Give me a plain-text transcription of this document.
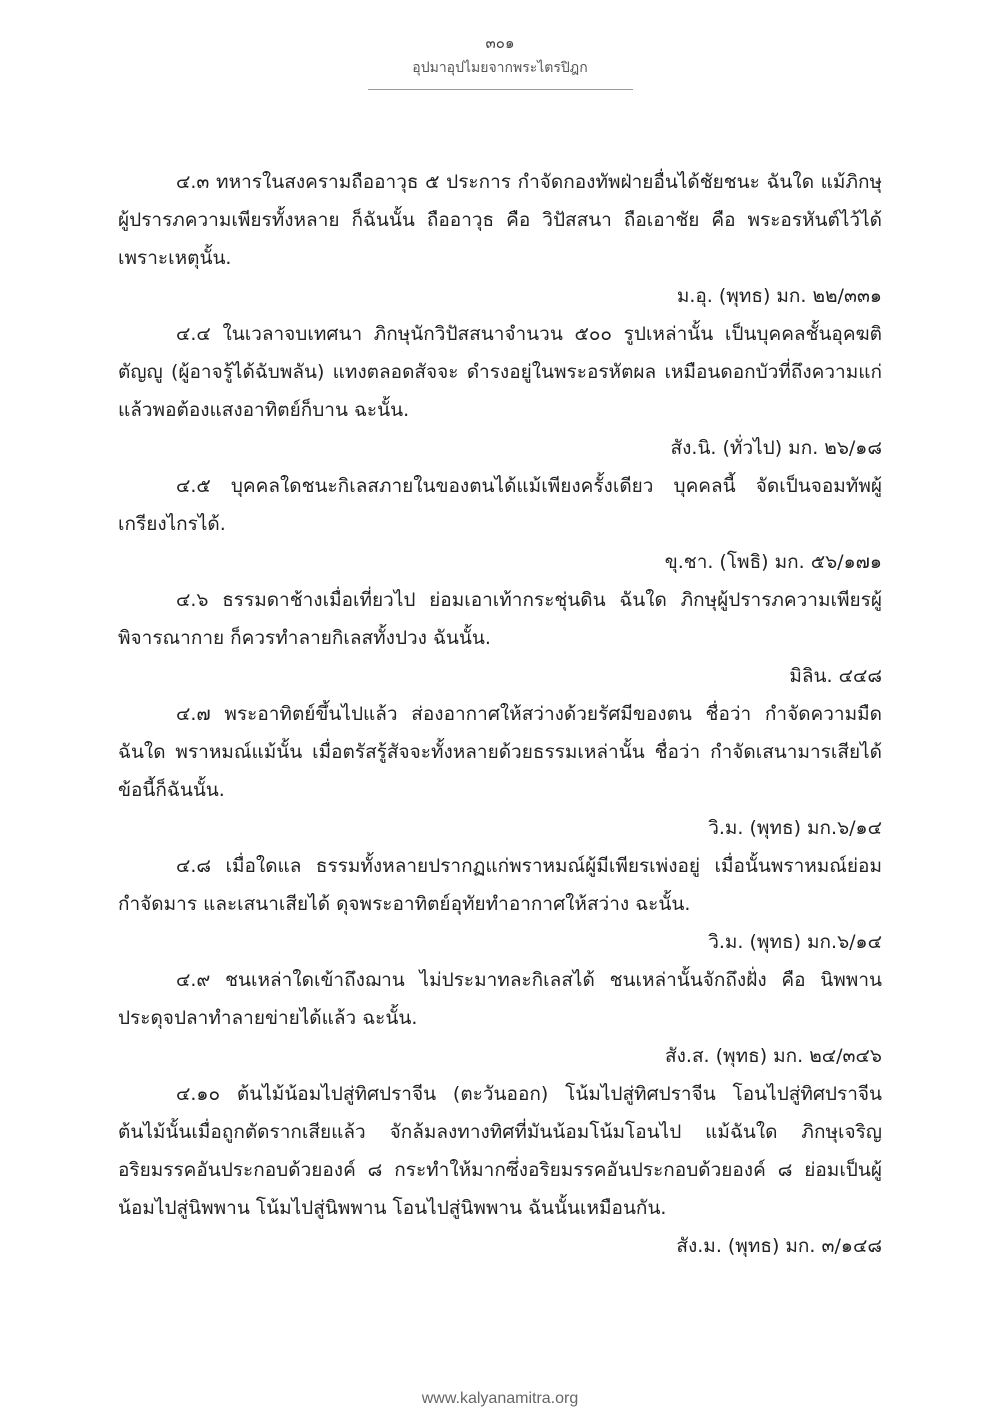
๓๐๑
อุปมาอุปไมยจากพระไตรปิฎก

๔.๓ ทหารในสงครามถืออาวุธ ๕ ประการ กำจัดกองทัพฝ่ายอื่นได้ชัยชนะ ฉันใด แม้ภิกษุผู้ปรารภความเพียรทั้งหลาย ก็ฉันนั้น ถืออาวุธ คือ วิปัสสนา ถือเอาชัย คือ พระอรหันต์ไว้ได้เพราะเหตุนั้น.

ม.อุ. (พุทธ) มก. ๒๒/๓๓๑

๔.๔ ในเวลาจบเทศนา ภิกษุนักวิปัสสนาจำนวน ๕๐๐ รูปเหล่านั้น เป็นบุคคลชั้นอุคฆติตัญญู (ผู้อาจรู้ได้ฉับพลัน) แทงตลอดสัจจะ ดำรงอยู่ในพระอรหัตผล เหมือนดอกบัวที่ถึงความแก่แล้วพอต้องแสงอาทิตย์ก็บาน ฉะนั้น.

สัง.นิ. (ทั่วไป) มก. ๒๖/๑๘

๔.๕ บุคคลใดชนะกิเลสภายในของตนได้แม้เพียงครั้งเดียว บุคคลนี้ จัดเป็นจอมทัพผู้เกรียงไกรได้.

ขุ.ชา. (โพธิ) มก. ๕๖/๑๗๑

๔.๖ ธรรมดาช้างเมื่อเที่ยวไป ย่อมเอาเท้ากระชุ่นดิน ฉันใด ภิกษุผู้ปรารภความเพียรผู้พิจารณากาย ก็ควรทำลายกิเลสทั้งปวง ฉันนั้น.

มิลิน. ๔๔๘

๔.๗ พระอาทิตย์ขึ้นไปแล้ว ส่องอากาศให้สว่างด้วยรัศมีของตน ชื่อว่า กำจัดความมืด ฉันใด พราหมณ์แม้นั้น เมื่อตรัสรู้สัจจะทั้งหลายด้วยธรรมเหล่านั้น ชื่อว่า กำจัดเสนามารเสียได้ ข้อนี้ก็ฉันนั้น.

วิ.ม. (พุทธ) มก.๖/๑๔

๔.๘ เมื่อใดแล ธรรมทั้งหลายปรากฏแก่พราหมณ์ผู้มีเพียรเพ่งอยู่ เมื่อนั้นพราหมณ์ย่อมกำจัดมาร และเสนาเสียได้ ดุจพระอาทิตย์อุทัยทำอากาศให้สว่าง ฉะนั้น.

วิ.ม. (พุทธ) มก.๖/๑๔

๔.๙ ชนเหล่าใดเข้าถึงฌาน ไม่ประมาทละกิเลสได้ ชนเหล่านั้นจักถึงฝั่ง คือ นิพพาน ประดุจปลาทำลายข่ายได้แล้ว ฉะนั้น.

สัง.ส. (พุทธ) มก. ๒๔/๓๔๖

๔.๑๐ ต้นไม้น้อมไปสู่ทิศปราจีน (ตะวันออก) โน้มไปสู่ทิศปราจีน โอนไปสู่ทิศปราจีน ต้นไม้นั้นเมื่อถูกตัดรากเสียแล้ว จักล้มลงทางทิศที่มันน้อมโน้มโอนไป แม้ฉันใด ภิกษุเจริญอริยมรรคอันประกอบด้วยองค์ ๘ กระทำให้มากซึ่งอริยมรรคอันประกอบด้วยองค์ ๘ ย่อมเป็นผู้น้อมไปสู่นิพพาน โน้มไปสู่นิพพาน โอนไปสู่นิพพาน ฉันนั้นเหมือนกัน.

สัง.ม. (พุทธ) มก. ๓/๑๔๘

www.kalyanamitra.org
